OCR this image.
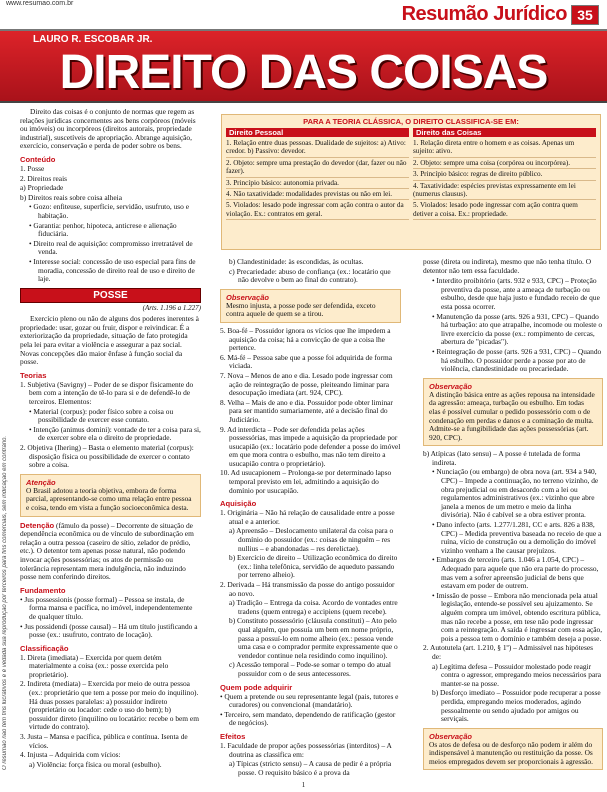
www.resumao.com.br	Resumão Jurídico 35
LAURO R. ESCOBAR JR.
DIREITO DAS COISAS
O resumão não tem fins lucrativos e é vedada sua reprodução por terceiros para fins comerciais, sem indicação em contrário.

Direito das coisas é o conjunto de normas que regem as relações jurídicas concernentes aos bens corpóreos (móveis ou imóveis) ou incorpóreos (direitos autorais, propriedade industrial), suscetíveis de apropriação. Abrange aquisição, exercício, conservação e perda de poder sobre os bens.

Conteúdo
1. Posse
2. Direitos reais
a) Propriedade
b) Direitos reais sobre coisa alheia
• Gozo: enfiteuse, superfície, servidão, usufruto, uso e habitação.
• Garantia: penhor, hipoteca, anticrese e alienação fiduciária.
• Direito real de aquisição: compromisso irretratável de venda.
• Interesse social: concessão de uso especial para fins de moradia, concessão de direito real de uso e direito de laje.
POSSE
(Arts. 1.196 a 1.227)

Exercício pleno ou não de alguns dos poderes inerentes à propriedade: usar, gozar ou fruir, dispor e reivindicar. É a exteriorização da propriedade, situação de fato protegida pela lei para evitar a violência e assegurar a paz social. Novas concepções dão maior ênfase à função social da posse.

Teorias
1. Subjetiva (Savigny) – Poder de se dispor fisicamente do bem com a intenção de tê-lo para si e de defendê-lo de terceiros. Elementos:
• Material (corpus): poder físico sobre a coisa ou possibilidade de exercer esse contato.
• Intenção (animus domini): vontade de ter a coisa para si, de exercer sobre ela o direito de propriedade.
2. Objetiva (Ihering) – Basta o elemento material (corpus): disposição física ou possibilidade de exercer o contato sobre a coisa.
Atenção
O Brasil adotou a teoria objetiva, embora de forma parcial, apresentando-se como uma relação entre pessoa e coisa, tendo em vista a função socioeconômica desta.

Detenção (fâmulo da posse) – Decorrente de situação de dependência econômica ou de vínculo de subordinação em relação a outra pessoa (caseiro de sítio, zelador de prédio, etc.). O detentor tem apenas posse natural, não podendo invocar ações possessórias; os atos de permissão ou tolerância representam mera indulgência, não induzindo posse nem conferindo direitos.

Fundamento
• Jus possessionis (posse formal) – Pessoa se instala, de forma mansa e pacífica, no imóvel, independentemente de qualquer título.
• Jus possidendi (posse causal) – Há um título justificando a posse (ex.: usufruto, contrato de locação).
Classificação
1. Direta (imediata) – Exercida por quem detém materialmente a coisa (ex.: posse exercida pelo proprietário).
2. Indireta (mediata) – Exercida por meio de outra pessoa (ex.: proprietário que tem a posse por meio do inquilino). Há duas posses paralelas: a) possuidor indireto (proprietário ou locador: cede o uso do bem); b) possuidor direto (inquilino ou locatário: recebe o bem em virtude do contrato).
3. Justa – Mansa e pacífica, pública e contínua. Isenta de vícios.
4. Injusta – Adquirida com vícios:
a) Violência: força física ou moral (esbulho).
PARA A TEORIA CLÁSSICA, O DIREITO CLASSIFICA-SE EM:
Direito Pessoal
1. Relação entre duas pessoas. Dualidade de sujeitos: a) Ativo: credor. b) Passivo: devedor.
2. Objeto: sempre uma prestação do devedor (dar, fazer ou não fazer).
3. Princípio básico: autonomia privada.
4. Não taxatividade: modalidades previstas ou não em lei.
5. Violados: lesado pode ingressar com ação contra o autor da violação. Ex.: contratos em geral.
Direito das Coisas
1. Relação direta entre o homem e as coisas. Apenas um sujeito: ativo.
2. Objeto: sempre uma coisa (corpórea ou incorpórea).
3. Princípio básico: regras de direito público.
4. Taxatividade: espécies previstas expressamente em lei (numerus clausus).
5. Violados: lesado pode ingressar com ação contra quem detiver a coisa. Ex.: propriedade.
b) Clandestinidade: às escondidas, às ocultas.
c) Precariedade: abuso de confiança (ex.: locatário que não devolve o bem ao final do contrato).
Observação
Mesmo injusta, a posse pode ser defendida, exceto contra aquele de quem se a tirou.
5. Boa-fé – Possuidor ignora os vícios que lhe impedem a aquisição da coisa; há a convicção de que a coisa lhe pertence.
6. Má-fé – Pessoa sabe que a posse foi adquirida de forma viciada.
7. Nova – Menos de ano e dia. Lesado pode ingressar com ação de reintegração de posse, pleiteando liminar para desocupação imediata (art. 924, CPC).
8. Velha – Mais de ano e dia. Possuidor pode obter liminar para ser mantido sumariamente, até a decisão final do Judiciário.
9. Ad interdicta – Pode ser defendida pelas ações possessórias, mas impede a aquisição da propriedade por usucapião (ex.: locatário pode defender a posse do imóvel em que mora contra o esbulho, mas não tem direito a usucapião contra o proprietário).
10. Ad usucapionem – Prolonga-se por determinado lapso temporal previsto em lei, admitindo a aquisição do domínio por usucapião.
Aquisição
1. Originária – Não há relação de causalidade entre a posse atual e a anterior.
a) Apreensão – Deslocamento unilateral da coisa para o domínio do possuidor (ex.: coisas de ninguém – res nullius – e abandonadas – res derelictae).
b) Exercício de direito – Utilização econômica do direito (ex.: linha telefônica, servidão de aqueduto passando por terreno alheio).
2. Derivada – Há transmissão da posse do antigo possuidor ao novo.
a) Tradição – Entrega da coisa. Acordo de vontades entre tradens (quem entrega) e accipiens (quem recebe).
b) Constituto possessório (cláusula constituti) – Ato pelo qual alguém, que possuía um bem em nome próprio, passa a possuí-lo em nome alheio (ex.: pessoa vende uma casa e o comprador permite expressamente que o vendedor continue nela residindo como inquilino).
c) Acessão temporal – Pode-se somar o tempo do atual possuidor com o de seus antecessores.
Quem pode adquirir
• Quem a pretende ou seu representante legal (pais, tutores e curadores) ou convencional (mandatário).
• Terceiro, sem mandato, dependendo de ratificação (gestor de negócios).
Efeitos
1. Faculdade de propor ações possessórias (interditos) – A doutrina as classifica em:
a) Típicas (stricto sensu) – A causa de pedir é a própria posse. O requisito básico é a prova da

posse (direta ou indireta), mesmo que não tenha título. O detentor não tem essa faculdade.

• Interdito proibitório (arts. 932 e 933, CPC) – Proteção preventiva da posse, ante a ameaça de turbação ou esbulho, desde que haja justo e fundado receio de que esta possa ocorrer.
• Manutenção da posse (arts. 926 a 931, CPC) – Quando há turbação: ato que atrapalhe, incomode ou moleste o livre exercício da posse (ex.: rompimento de cercas, abertura de "picadas").
• Reintegração de posse (arts. 926 a 931, CPC) – Quando há esbulho. O possuidor perde a posse por ato de violência, clandestinidade ou precariedade.
Observação
A distinção básica entre as ações repousa na intensidade da agressão: ameaça, turbação ou esbulho. Em todas elas é possível cumular o pedido possessório com o de condenação em perdas e danos e a cominação de multa. Admite-se a fungibilidade das ações possessórias (art. 920, CPC).
b) Atípicas (lato sensu) – A posse é tutelada de forma indireta.
• Nunciação (ou embargo) de obra nova (art. 934 a 940, CPC) – Impede a continuação, no terreno vizinho, de obra prejudicial ou em desacordo com a lei ou regulamentos administrativos (ex.: vizinho que abre janela a menos de um metro e meio da linha divisória). Não é cabível se a obra estiver pronta.
• Dano infecto (arts. 1.277/1.281, CC e arts. 826 a 838, CPC) – Medida preventiva baseada no receio de que a ruína, vício de construção ou a demolição do imóvel vizinho venham a lhe causar prejuízos.
• Embargos de terceiro (arts. 1.046 a 1.054, CPC) – Adequado para aquele que não era parte do processo, mas vem a sofrer apreensão judicial de bens que estavam em poder de outrem.
• Imissão de posse – Embora não mencionada pela atual legislação, entende-se possível seu ajuizamento. Se alguém compra um imóvel, obtendo escritura pública, mas não recebe a posse, em tese não pode ingressar com a reintegração. A saída é ingressar com essa ação, pois a pessoa tem o domínio e também deseja a posse.
2. Autotutela (art. 1.210, § 1º) – Admissível nas hipóteses de:
a) Legítima defesa – Possuidor molestado pode reagir contra o agressor, empregando meios necessários para manter-se na posse.
b) Desforço imediato – Possuidor pode recuperar a posse perdida, empregando meios moderados, agindo pessoalmente ou sendo ajudado por amigos ou serviçais.
Observação
Os atos de defesa ou de desforço não podem ir além do indispensável à manutenção ou restituição da posse. Os meios empregados devem ser proporcionais à agressão.
1
